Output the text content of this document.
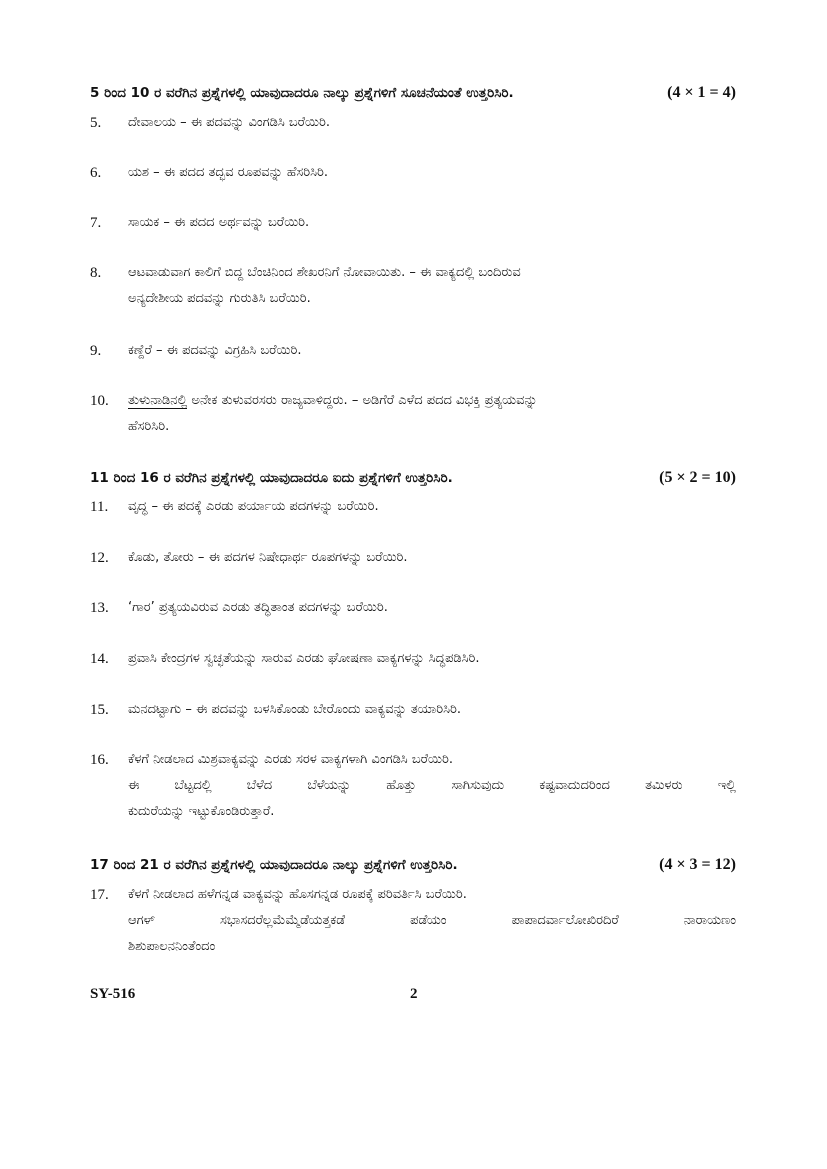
5 ರಿಂದ 10 ರ ವರೆಗಿನ ಪ್ರಶ್ನೆಗಳಲ್ಲಿ ಯಾವುದಾದರೂ ನಾಲ್ಕು ಪ್ರಶ್ನೆಗಳಿಗೆ ಸೂಚನೆಯಂತೆ ಉತ್ತರಿಸಿರಿ.	(4 × 1 = 4)
5. ದೇವಾಲಯ – ಈ ಪದವನ್ನು ವಿಂಗಡಿಸಿ ಬರೆಯಿರಿ.
6. ಯಶ – ಈ ಪದದ ತದ್ಭವ ರೂಪವನ್ನು ಹೆಸರಿಸಿರಿ.
7. ಸಾಯಕ – ಈ ಪದದ ಅರ್ಥವನ್ನು ಬರೆಯಿರಿ.
8. ಆಟವಾಡುವಾಗ ಕಾಲಿಗೆ ಬಿದ್ದ ಬೆಂಚಿನಿಂದ ಶೇಖರನಿಗೆ ನೋವಾಯಿತು. – ಈ ವಾಕ್ಯದಲ್ಲಿ ಬಂದಿರುವ
ಅನ್ಯದೇಶೀಯ ಪದವನ್ನು ಗುರುತಿಸಿ ಬರೆಯಿರಿ.
9. ಕಣ್ದೆರೆ – ಈ ಪದವನ್ನು ವಿಗ್ರಹಿಸಿ ಬರೆಯಿರಿ.
10. ತುಳುನಾಡಿನಲ್ಲಿ ಅನೇಕ ತುಳುವರಸರು ರಾಜ್ಯವಾಳಿದ್ದರು. – ಅಡಿಗೆರೆ ಎಳೆದ ಪದದ ವಿಭಕ್ತಿ ಪ್ರತ್ಯಯವನ್ನು
ಹೆಸರಿಸಿರಿ.
11 ರಿಂದ 16 ರ ವರೆಗಿನ ಪ್ರಶ್ನೆಗಳಲ್ಲಿ ಯಾವುದಾದರೂ ಐದು ಪ್ರಶ್ನೆಗಳಿಗೆ ಉತ್ತರಿಸಿರಿ.	(5 × 2 = 10)
11. ವೃದ್ಧ – ಈ ಪದಕ್ಕೆ ಎರಡು ಪರ್ಯಾಯ ಪದಗಳನ್ನು ಬರೆಯಿರಿ.
12. ಕೊಡು, ತೋರು – ಈ ಪದಗಳ ನಿಷೇಧಾರ್ಥ ರೂಪಗಳನ್ನು ಬರೆಯಿರಿ.
13. ‘ಗಾರ’ ಪ್ರತ್ಯಯವಿರುವ ಎರಡು ತದ್ಧಿತಾಂತ ಪದಗಳನ್ನು ಬರೆಯಿರಿ.
14. ಪ್ರವಾಸಿ ಕೇಂದ್ರಗಳ ಸ್ವಚ್ಛತೆಯನ್ನು ಸಾರುವ ಎರಡು ಘೋಷಣಾ ವಾಕ್ಯಗಳನ್ನು ಸಿದ್ಧಪಡಿಸಿರಿ.
15. ಮನದಟ್ಟಾಗು – ಈ ಪದವನ್ನು ಬಳಸಿಕೊಂಡು ಬೇರೊಂದು ವಾಕ್ಯವನ್ನು ತಯಾರಿಸಿರಿ.
16. ಕೆಳಗೆ ನೀಡಲಾದ ಮಿಶ್ರವಾಕ್ಯವನ್ನು ಎರಡು ಸರಳ ವಾಕ್ಯಗಳಾಗಿ ವಿಂಗಡಿಸಿ ಬರೆಯಿರಿ.
ಈ ಬೆಟ್ಟದಲ್ಲಿ ಬೆಳೆದ ಬೆಳೆಯನ್ನು ಹೊತ್ತು ಸಾಗಿಸುವುದು ಕಷ್ಟವಾದುದರಿಂದ ತಮಿಳರು ಇಲ್ಲಿ
ಕುದುರೆಯನ್ನು ಇಟ್ಟುಕೊಂಡಿರುತ್ತಾರೆ.
17 ರಿಂದ 21 ರ ವರೆಗಿನ ಪ್ರಶ್ನೆಗಳಲ್ಲಿ ಯಾವುದಾದರೂ ನಾಲ್ಕು ಪ್ರಶ್ನೆಗಳಿಗೆ ಉತ್ತರಿಸಿರಿ.	(4 × 3 = 12)
17. ಕೆಳಗೆ ನೀಡಲಾದ ಹಳೆಗನ್ನಡ ವಾಕ್ಯವನ್ನು ಹೊಸಗನ್ನಡ ರೂಪಕ್ಕೆ ಪರಿವರ್ತಿಸಿ ಬರೆಯಿರಿ.
ಆಗಳ್ ಸಭಾಸದರೆಲ್ಲಮೆಮ್ಮೆಡೆಯತ್ತಕಡೆ ಪಡೆಯಂ ಪಾಪಾದರ್ವಾಲೋಖಿರದಿರೆ ನಾರಾಯಣಂ
ಶಿಶುಪಾಲನನಿಂತೆಂದಂ
SY-516	2
